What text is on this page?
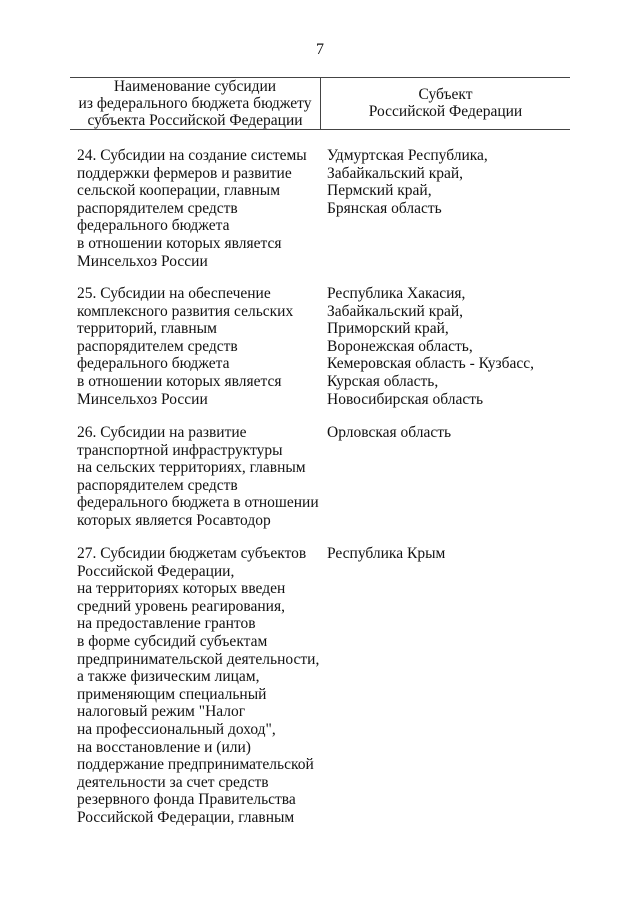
7
Наименование субсидии
из федерального бюджета бюджету
субъекта Российской Федерации
Субъект
Российской Федерации
24. Субсидии на создание системы
поддержки фермеров и развитие
сельской кооперации, главным
распорядителем средств
федерального бюджета
в отношении которых является
Минсельхоз России
Удмуртская Республика,
Забайкальский край,
Пермский край,
Брянская область
25. Субсидии на обеспечение
комплексного развития сельских
территорий, главным
распорядителем средств
федерального бюджета
в отношении которых является
Минсельхоз России
Республика Хакасия,
Забайкальский край,
Приморский край,
Воронежская область,
Кемеровская область - Кузбасс,
Курская область,
Новосибирская область
26. Субсидии на развитие
транспортной инфраструктуры
на сельских территориях, главным
распорядителем средств
федерального бюджета в отношении
которых является Росавтодор
Орловская область
27. Субсидии бюджетам субъектов
Российской Федерации,
на территориях которых введен
средний уровень реагирования,
на предоставление грантов
в форме субсидий субъектам
предпринимательской деятельности,
а также физическим лицам,
применяющим специальный
налоговый режим "Налог
на профессиональный доход",
на восстановление и (или)
поддержание предпринимательской
деятельности за счет средств
резервного фонда Правительства
Российской Федерации, главным
Республика Крым
